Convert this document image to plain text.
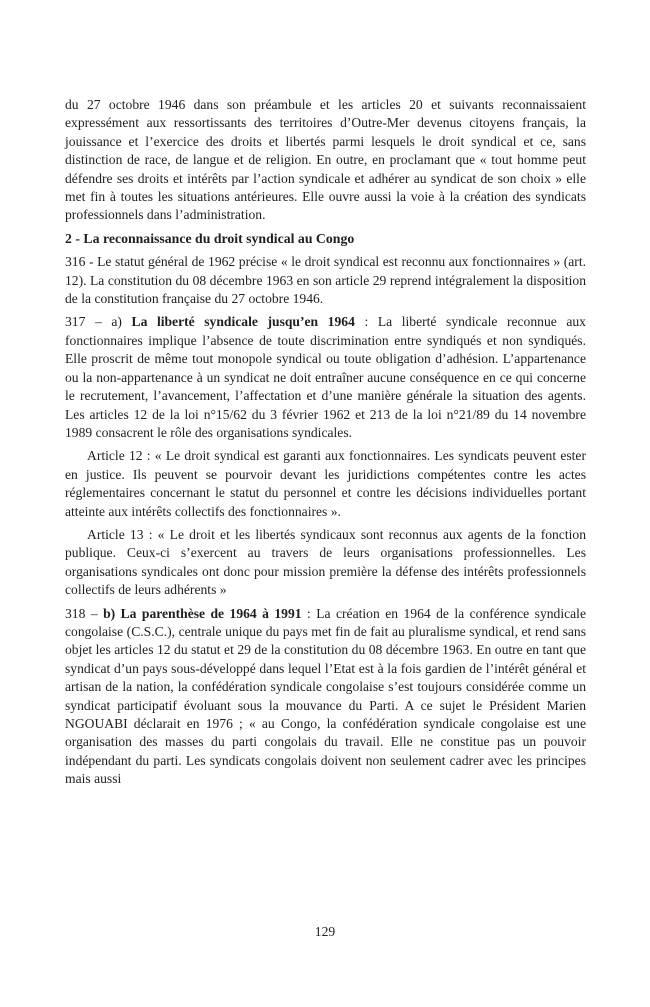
du 27 octobre 1946 dans son préambule et les articles 20 et suivants reconnaissaient expressément aux ressortissants des territoires d’Outre-Mer devenus citoyens français, la jouissance et l’exercice des droits et libertés parmi lesquels le droit syndical et ce, sans distinction de race, de langue et de religion. En outre, en proclamant que « tout homme peut défendre ses droits et intérêts par l’action syndicale et adhérer au syndicat de son choix » elle met fin à toutes les situations antérieures. Elle ouvre aussi la voie à la création des syndicats professionnels dans l’administration.

2 - La reconnaissance du droit syndical au Congo

316 - Le statut général de 1962 précise « le droit syndical est reconnu aux fonctionnaires » (art. 12). La constitution du 08 décembre 1963 en son article 29 reprend intégralement la disposition de la constitution française du 27 octobre 1946.

317 – a) La liberté syndicale jusqu’en 1964 : La liberté syndicale reconnue aux fonctionnaires implique l’absence de toute discrimination entre syndiqués et non syndiqués. Elle proscrit de même tout monopole syndical ou toute obligation d’adhésion. L’appartenance ou la non-appartenance à un syndicat ne doit entraîner aucune conséquence en ce qui concerne le recrutement, l’avancement, l’affectation et d’une manière générale la situation des agents. Les articles 12 de la loi n°15/62 du 3 février 1962 et 213 de la loi n°21/89 du 14 novembre 1989 consacrent le rôle des organisations syndicales.

Article 12 : « Le droit syndical est garanti aux fonctionnaires. Les syndicats peuvent ester en justice. Ils peuvent se pourvoir devant les juridictions compétentes contre les actes réglementaires concernant le statut du personnel et contre les décisions individuelles portant atteinte aux intérêts collectifs des fonctionnaires ».

Article 13 : « Le droit et les libertés syndicaux sont reconnus aux agents de la fonction publique. Ceux-ci s’exercent au travers de leurs organisations professionnelles. Les organisations syndicales ont donc pour mission première la défense des intérêts professionnels collectifs de leurs adhérents »

318 – b) La parenthèse de 1964 à 1991 : La création en 1964 de la conférence syndicale congolaise (C.S.C.), centrale unique du pays met fin de fait au pluralisme syndical, et rend sans objet les articles 12 du statut et 29 de la constitution du 08 décembre 1963. En outre en tant que syndicat d’un pays sous-développé dans lequel l’Etat est à la fois gardien de l’intérêt général et artisan de la nation, la confédération syndicale congolaise s’est toujours considérée comme un syndicat participatif évoluant sous la mouvance du Parti. A ce sujet le Président Marien NGOUABI déclarait en 1976 ; « au Congo, la confédération syndicale congolaise est une organisation des masses du parti congolais du travail. Elle ne constitue pas un pouvoir indépendant du parti. Les syndicats congolais doivent non seulement cadrer avec les principes mais aussi

129
